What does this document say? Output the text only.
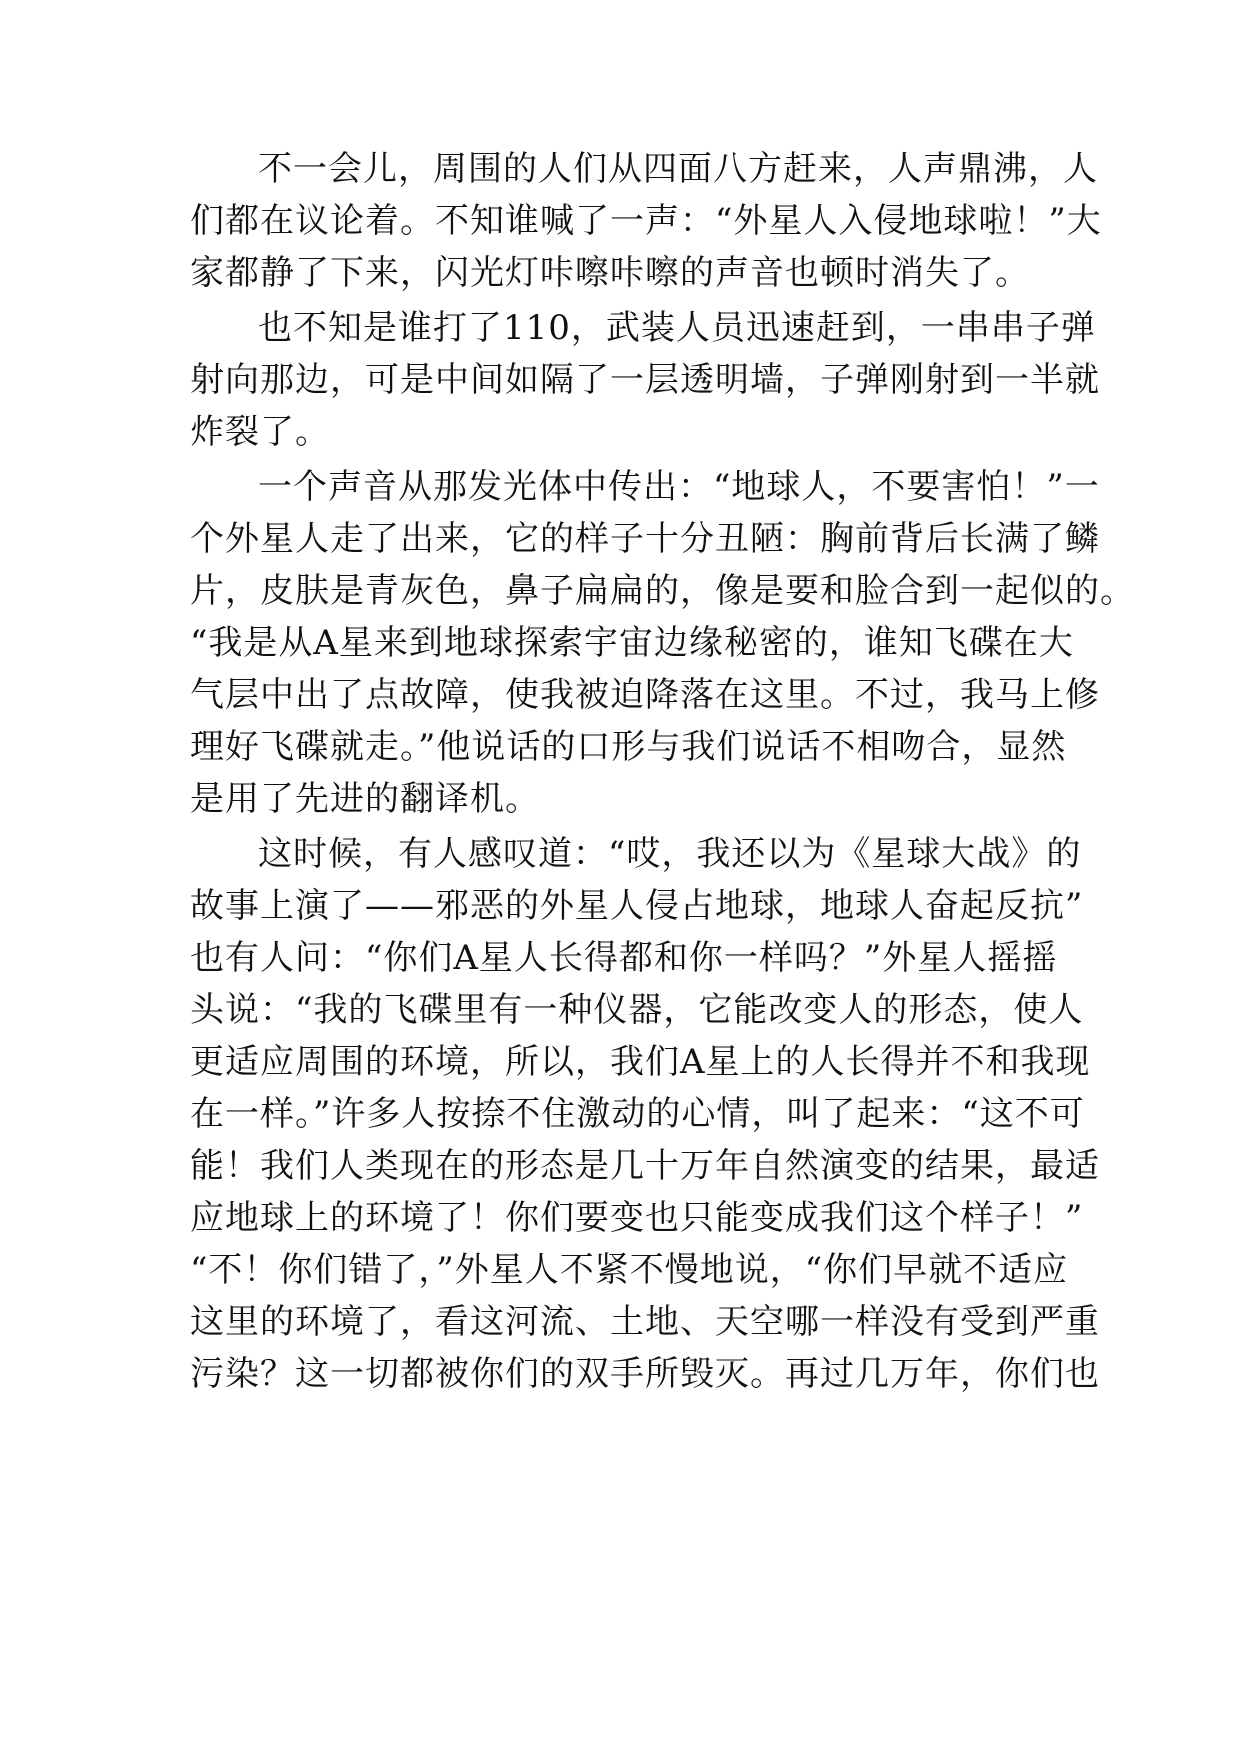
不一会儿，周围的人们从四面八方赶来，人声鼎沸，人
们都在议论着。不知谁喊了一声：“外星人入侵地球啦！”大
家都静了下来，闪光灯咔嚓咔嚓的声音也顿时消失了。
也不知是谁打了110，武装人员迅速赶到，一串串子弹
射向那边，可是中间如隔了一层透明墙，子弹刚射到一半就
炸裂了。
一个声音从那发光体中传出：“地球人，不要害怕！”一
个外星人走了出来，它的样子十分丑陋：胸前背后长满了鳞
片，皮肤是青灰色，鼻子扁扁的，像是要和脸合到一起似的。
“我是从A星来到地球探索宇宙边缘秘密的，谁知飞碟在大
气层中出了点故障，使我被迫降落在这里。不过，我马上修
理好飞碟就走。”他说话的口形与我们说话不相吻合，显然
是用了先进的翻译机。
这时候，有人感叹道：“哎，我还以为《星球大战》的
故事上演了——邪恶的外星人侵占地球，地球人奋起反抗”
也有人问：“你们A星人长得都和你一样吗？”外星人摇摇
头说：“我的飞碟里有一种仪器，它能改变人的形态，使人
更适应周围的环境，所以，我们A星上的人长得并不和我现
在一样。”许多人按捺不住激动的心情，叫了起来：“这不可
能！我们人类现在的形态是几十万年自然演变的结果，最适
应地球上的环境了！你们要变也只能变成我们这个样子！”
“不！你们错了，”外星人不紧不慢地说，“你们早就不适应
这里的环境了，看这河流、土地、天空哪一样没有受到严重
污染？这一切都被你们的双手所毁灭。再过几万年，你们也
